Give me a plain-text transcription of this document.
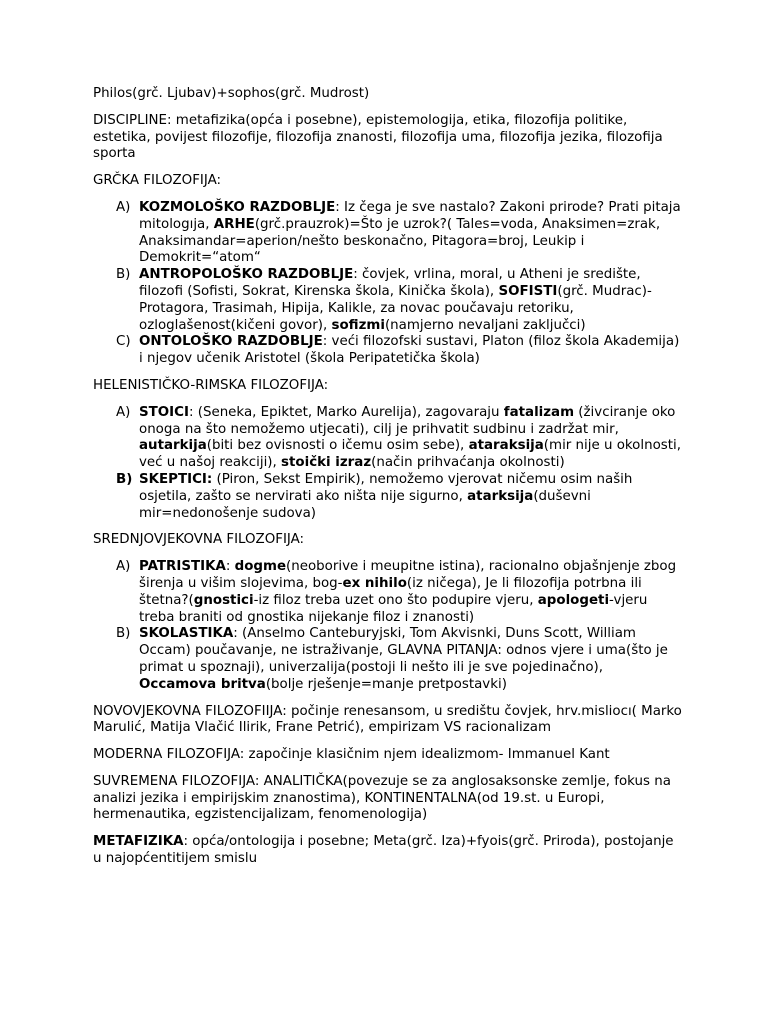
Philos(grč. Ljubav)+sophos(grč. Mudrost)

DISCIPLINE: metafizika(opća i posebne), epistemologija, etika, filozofija politike, estetika, povijest filozofije, filozofija znanosti, filozofija uma, filozofija jezika, filozofija sporta

GRČKA FILOZOFIJA:

A) KOZMOLOŠKO RAZDOBLJE: Iz čega je sve nastalo? Zakoni prirode? Prati pitaja mitologıja, ARHE(grč.prauzrok)=Što je uzrok?( Tales=voda, Anaksimen=zrak, Anaksimandar=aperion/nešto beskonačno, Pitagora=broj, Leukip i Demokrit=“atom“
B) ANTROPOLOŠKO RAZDOBLJE: čovjek, vrlina, moral, u Atheni je središte, filozofi (Sofisti, Sokrat, Kirenska škola, Kinička škola), SOFISTI(grč. Mudrac)- Protagora, Trasimah, Hipija, Kalikle, za novac poučavaju retoriku, ozloglašenost(kičeni govor), sofizmi(namjerno nevaljani zaključci)
C) ONTOLOŠKO RAZDOBLJE: veći filozofski sustavi, Platon (filoz škola Akademija) i njegov učenik Aristotel (škola Peripatetička škola)

HELENISTIČKO-RIMSKA FILOZOFIJA:

A) STOICI: (Seneka, Epiktet, Marko Aurelija), zagovaraju fatalizam (živciranje oko onoga na što nemožemo utjecati), cilj je prihvatit sudbinu i zadržat mir, autarkija(biti bez ovisnosti o ičemu osim sebe), ataraksija(mir nije u okolnosti, već u našoj reakciji), stoički izraz(način prihvaćanja okolnosti)
B) SKEPTICI: (Piron, Sekst Empirik), nemožemo vjerovat ničemu osim naših osjetila, zašto se nervirati ako ništa nije sigurno, atarksija(duševni mir=nedonošenje sudova)

SREDNJOVJEKOVNA FILOZOFIJA:

A) PATRISTIKA: dogme(neoborive i meupitne istina), racionalno objašnjenje zbog širenja u višim slojevima, bog-ex nihilo(iz ničega), Je li filozofija potrbna ili štetna?(gnostici-iz filoz treba uzet ono što podupire vjeru, apologeti-vjeru treba braniti od gnostika nijekanje filoz i znanosti)
B) SKOLASTIKA: (Anselmo Canteburyjski, Tom Akvisnki, Duns Scott, William Occam) poučavanje, ne istraživanje, GLAVNA PITANJA: odnos vjere i uma(što je primat u spoznaji), univerzalija(postoji li nešto ili je sve pojedinačno), Occamova britva(bolje rješenje=manje pretpostavki)

NOVOVJEKOVNA FILOZOFIIJA: počinje renesansom, u središtu čovjek, hrv.misliocı( Marko Marulić, Matija Vlačić Ilirik, Frane Petrić), empirizam VS racionalizam

MODERNA FILOZOFIJA: započinje klasičnim njem idealizmom- Immanuel Kant

SUVREMENA FILOZOFIJA: ANALITIČKA(povezuje se za anglosaksonske zemlje, fokus na analizi jezika i empirijskim znanostima), KONTINENTALNA(od 19.st. u Europi, hermenautika, egzistencijalizam, fenomenologija)

METAFIZIKA: opća/ontologija i posebne; Meta(grč. Iza)+fyois(grč. Priroda), postojanje u najopćentitijem smislu
